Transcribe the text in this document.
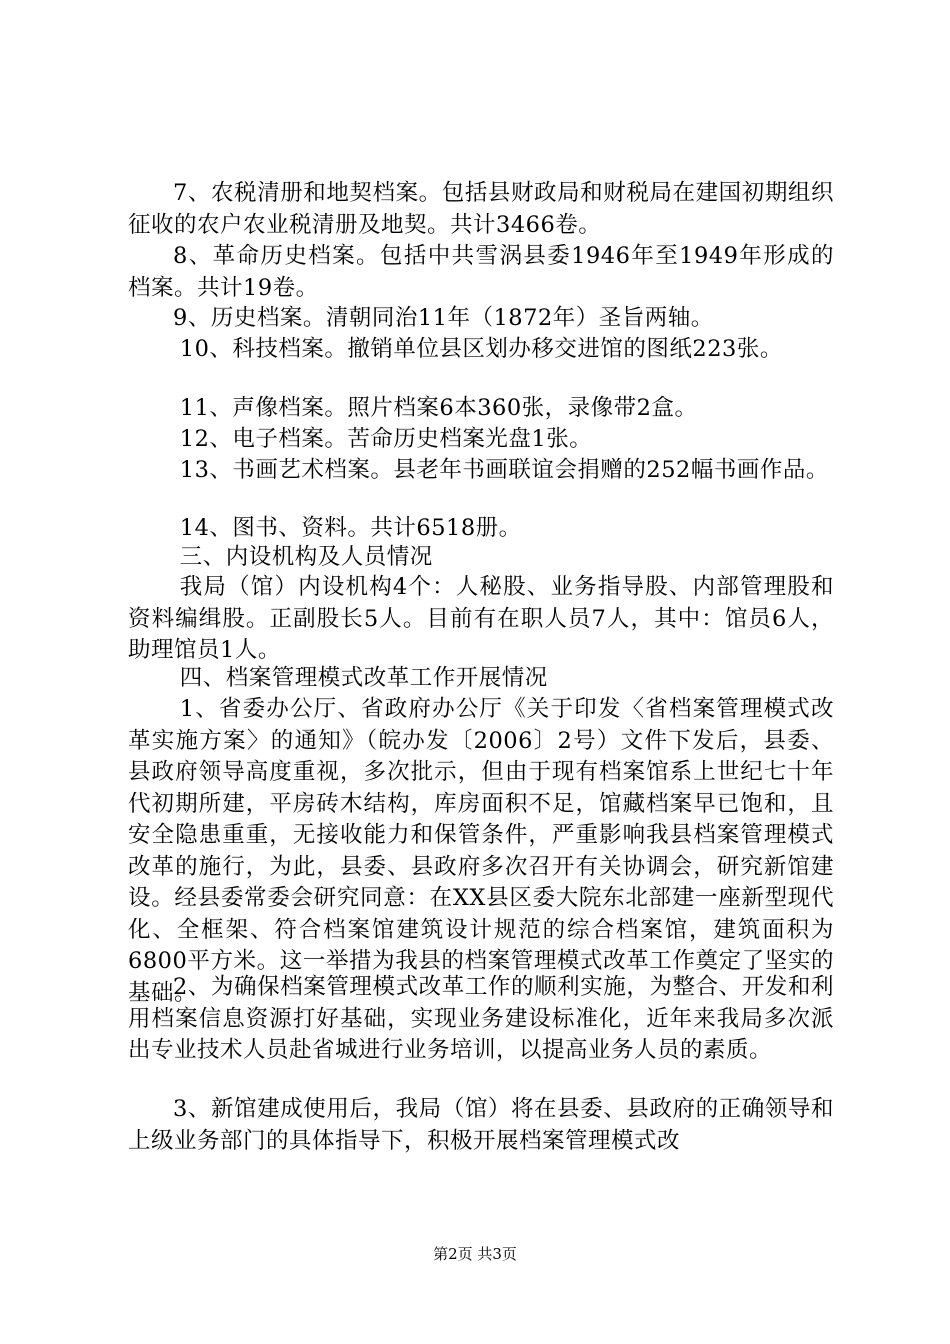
7、农税清册和地契档案。包括县财政局和财税局在建国初期组织征收的农户农业税清册及地契。共计3466卷。

8、革命历史档案。包括中共雪涡县委1946年至1949年形成的档案。共计19卷。

9、历史档案。清朝同治11年（1872年）圣旨两轴。

10、科技档案。撤销单位县区划办移交进馆的图纸223张。

11、声像档案。照片档案6本360张，录像带2盒。

12、电子档案。苦命历史档案光盘1张。

13、书画艺术档案。县老年书画联谊会捐赠的252幅书画作品。

14、图书、资料。共计6518册。

三、内设机构及人员情况

我局（馆）内设机构4个：人秘股、业务指导股、内部管理股和资料编缉股。正副股长5人。目前有在职人员7人，其中：馆员6人，助理馆员1人。

四、档案管理模式改革工作开展情况

1、省委办公厅、省政府办公厅《关于印发〈省档案管理模式改革实施方案〉的通知》（皖办发〔2006〕2号）文件下发后，县委、县政府领导高度重视，多次批示，但由于现有档案馆系上世纪七十年代初期所建，平房砖木结构，库房面积不足，馆藏档案早已饱和，且安全隐患重重，无接收能力和保管条件，严重影响我县档案管理模式改革的施行，为此，县委、县政府多次召开有关协调会，研究新馆建设。经县委常委会研究同意：在XX县区委大院东北部建一座新型现代化、全框架、符合档案馆建筑设计规范的综合档案馆，建筑面积为6800平方米。这一举措为我县的档案管理模式改革工作奠定了坚实的基础。

2、为确保档案管理模式改革工作的顺利实施，为整合、开发和利用档案信息资源打好基础，实现业务建设标准化，近年来我局多次派出专业技术人员赴省城进行业务培训，以提高业务人员的素质。

3、新馆建成使用后，我局（馆）将在县委、县政府的正确领导和上级业务部门的具体指导下，积极开展档案管理模式改

第2页 共3页
